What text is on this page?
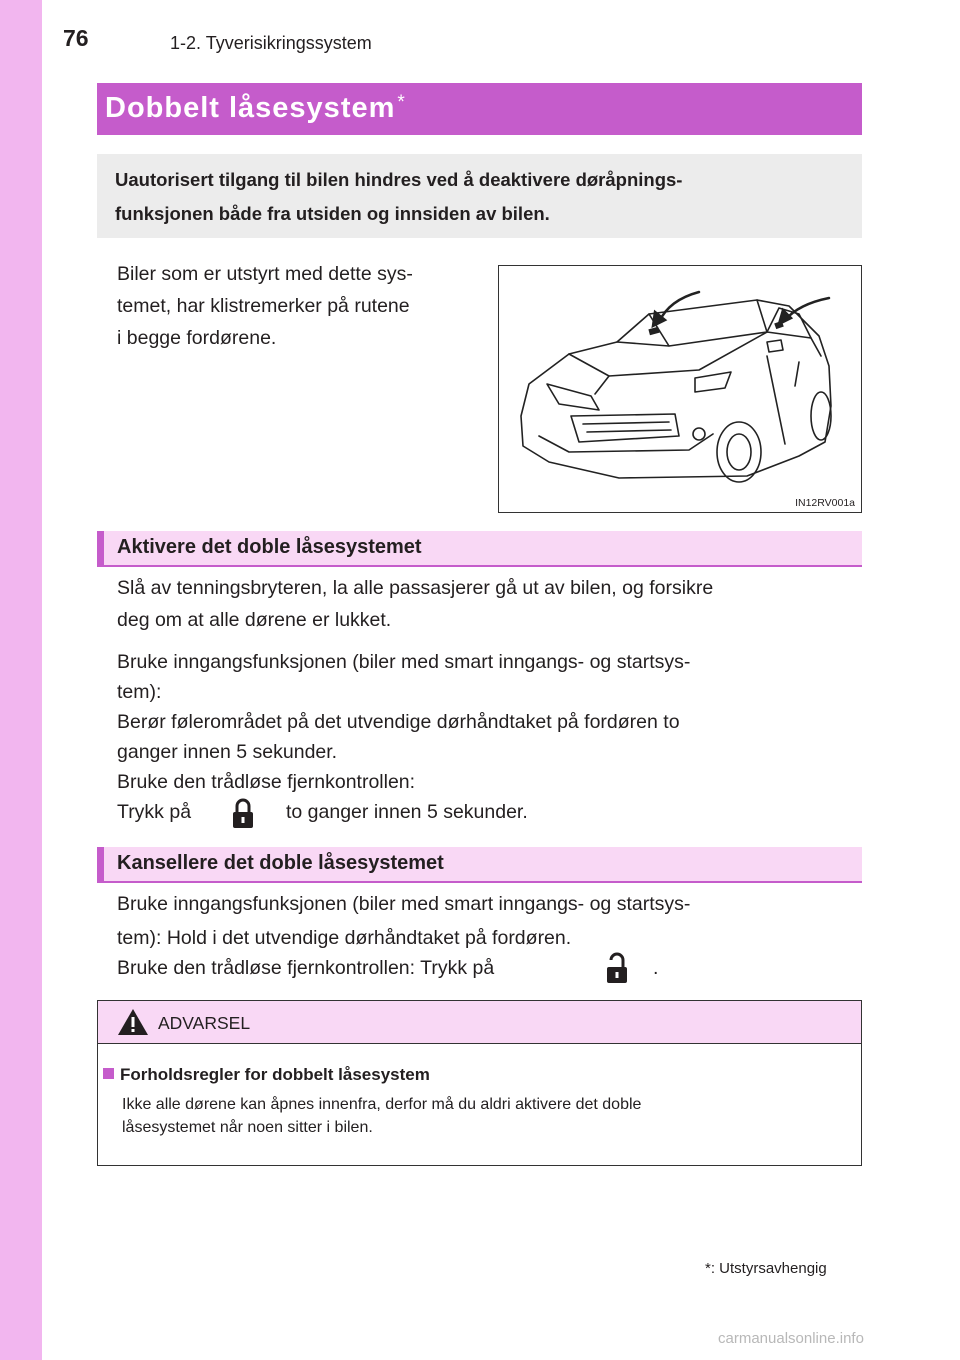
76	1-2. Tyverisikringssystem
Dobbelt låsesystem *
Uautorisert tilgang til bilen hindres ved å deaktivere døråpnings-
funksjonen både fra utsiden og innsiden av bilen.
Biler som er utstyrt med dette sys-
temet, har klistremerker på rutene
i begge fordørene.
IN12RV001a
Aktivere det doble låsesystemet
Slå av tenningsbryteren, la alle passasjerer gå ut av bilen, og forsikre
deg om at alle dørene er lukket.
Bruke inngangsfunksjonen (biler med smart inngangs- og startsys-
tem):
Berør følerområdet på det utvendige dørhåndtaket på fordøren to
ganger innen 5 sekunder.
Bruke den trådløse fjernkontrollen:
Trykk på	to ganger innen 5 sekunder.
Kansellere det doble låsesystemet
Bruke inngangsfunksjonen (biler med smart inngangs- og startsys-
tem): Hold i det utvendige dørhåndtaket på fordøren.
Bruke den trådløse fjernkontrollen: Trykk på	.
ADVARSEL
Forholdsregler for dobbelt låsesystem
Ikke alle dørene kan åpnes innenfra, derfor må du aldri aktivere det doble
låsesystemet når noen sitter i bilen.
*: Utstyrsavhengig
carmanualsonline.info
